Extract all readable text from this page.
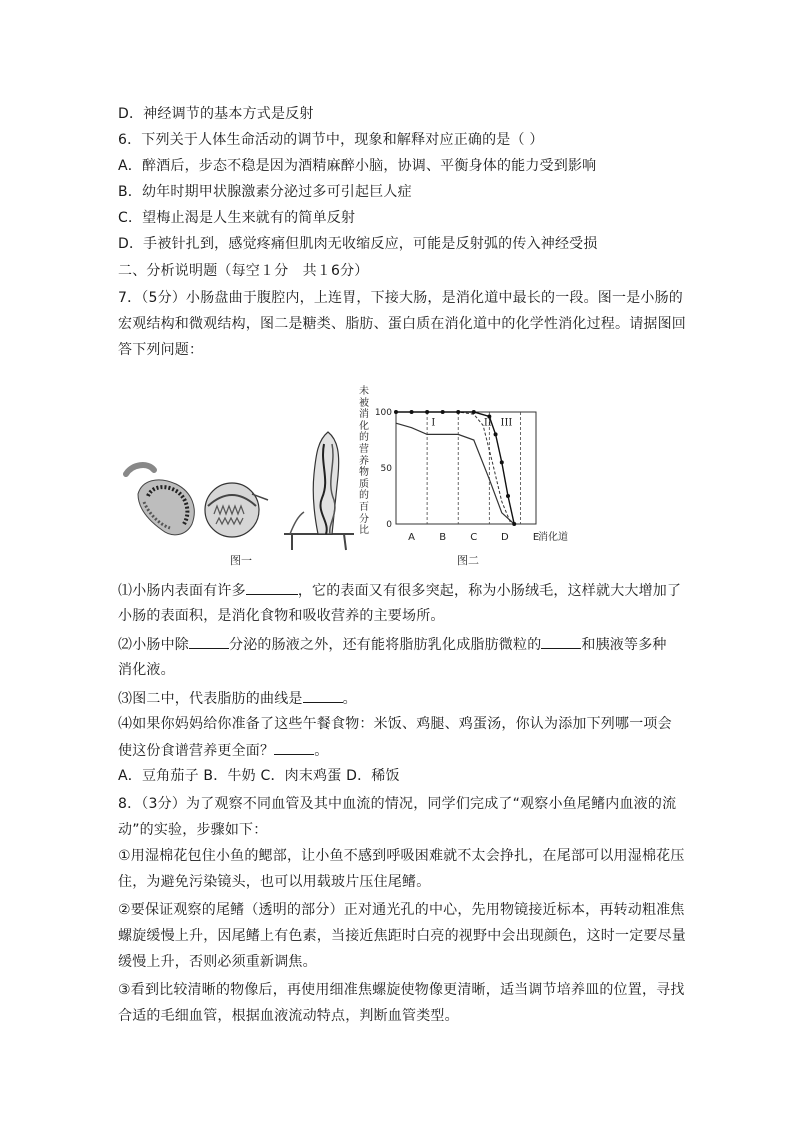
D．神经调节的基本方式是反射
6．下列关于人体生命活动的调节中，现象和解释对应正确的是（ ）
A．醉酒后，步态不稳是因为酒精麻醉小脑，协调、平衡身体的能力受到影响
B．幼年时期甲状腺激素分泌过多可引起巨人症
C．望梅止渴是人生来就有的简单反射
D．手被针扎到，感觉疼痛但肌肉无收缩反应，可能是反射弧的传入神经受损
二、分析说明题（每空１分　共１6分）
7．（5分）小肠盘曲于腹腔内，上连胃，下接大肠，是消化道中最长的一段。图一是小肠的
宏观结构和微观结构，图二是糖类、脂肪、蛋白质在消化道中的化学性消化过程。请据图回
答下列问题：
图一
未被消化的营养物质的百分比
0
50
100
A B C D E
I	II III
消化道
图二
⑴小肠内表面有许多	，它的表面又有很多突起，称为小肠绒毛，这样就大大增加了
小肠的表面积，是消化食物和吸收营养的主要场所。
⑵小肠中除	分泌的肠液之外，还有能将脂肪乳化成脂肪微粒的	和胰液等多种
消化液。
⑶图二中，代表脂肪的曲线是	。
⑷如果你妈妈给你准备了这些午餐食物：米饭、鸡腿、鸡蛋汤，你认为添加下列哪一项会
使这份食谱营养更全面？	。
A．豆角茄子 B．牛奶 C．肉末鸡蛋 D．稀饭
8．（3分）为了观察不同血管及其中血流的情况，同学们完成了“观察小鱼尾鳍内血液的流
动”的实验，步骤如下：
①用湿棉花包住小鱼的鳃部，让小鱼不感到呼吸困难就不太会挣扎，在尾部可以用湿棉花压
住，为避免污染镜头，也可以用载玻片压住尾鳍。
②要保证观察的尾鳍（透明的部分）正对通光孔的中心，先用物镜接近标本，再转动粗准焦
螺旋缓慢上升，因尾鳍上有色素，当接近焦距时白亮的视野中会出现颜色，这时一定要尽量
缓慢上升，否则必须重新调焦。
③看到比较清晰的物像后，再使用细准焦螺旋使物像更清晰，适当调节培养皿的位置，寻找
合适的毛细血管，根据血液流动特点，判断血管类型。
